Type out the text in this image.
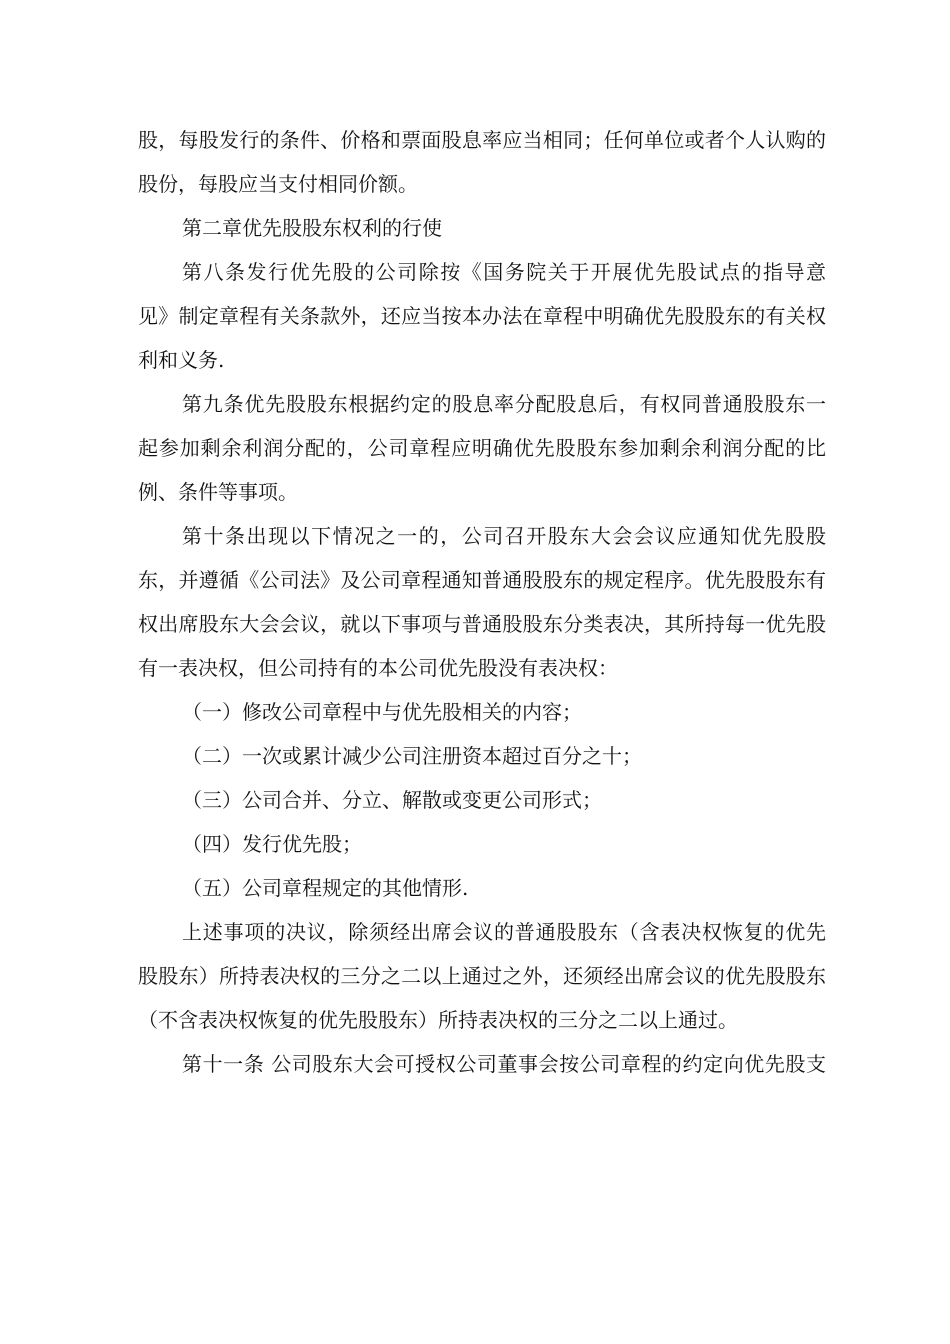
股，每股发行的条件、价格和票面股息率应当相同；任何单位或者个人认购的
股份，每股应当支付相同价额。
第二章优先股股东权利的行使
第八条发行优先股的公司除按《国务院关于开展优先股试点的指导意
见》制定章程有关条款外，还应当按本办法在章程中明确优先股股东的有关权
利和义务.
第九条优先股股东根据约定的股息率分配股息后，有权同普通股股东一
起参加剩余利润分配的，公司章程应明确优先股股东参加剩余利润分配的比
例、条件等事项。
第十条出现以下情况之一的，公司召开股东大会会议应通知优先股股
东，并遵循《公司法》及公司章程通知普通股股东的规定程序。优先股股东有
权出席股东大会会议，就以下事项与普通股股东分类表决，其所持每一优先股
有一表决权，但公司持有的本公司优先股没有表决权：
（一）修改公司章程中与优先股相关的内容；
（二）一次或累计减少公司注册资本超过百分之十；
（三）公司合并、分立、解散或变更公司形式；
（四）发行优先股；
（五）公司章程规定的其他情形.
上述事项的决议，除须经出席会议的普通股股东（含表决权恢复的优先
股股东）所持表决权的三分之二以上通过之外，还须经出席会议的优先股股东
（不含表决权恢复的优先股股东）所持表决权的三分之二以上通过。
第十一条 公司股东大会可授权公司董事会按公司章程的约定向优先股支
